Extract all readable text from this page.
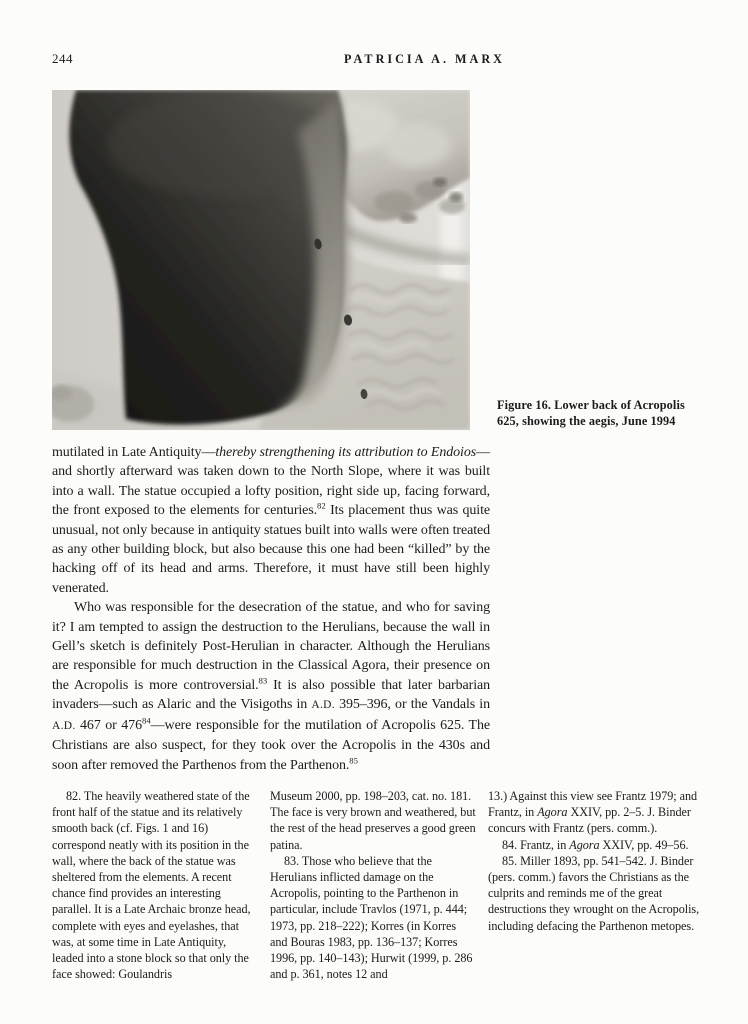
244	PATRICIA A. MARX
Figure 16. Lower back of Acropolis
625, showing the aegis, June 1994

mutilated in Late Antiquity—thereby strengthening its attribution to Endoios—and shortly afterward was taken down to the North Slope, where it was built into a wall. The statue occupied a lofty position, right side up, facing forward, the front exposed to the elements for centuries.$^{82}$ Its placement thus was quite unusual, not only because in antiquity statues built into walls were often treated as any other building block, but also because this one had been “killed” by the hacking off of its head and arms. Therefore, it must have still been highly venerated.

Who was responsible for the desecration of the statue, and who for saving it? I am tempted to assign the destruction to the Herulians, because the wall in Gell’s sketch is definitely Post-Herulian in character. Although the Herulians are responsible for much destruction in the Classical Agora, their presence on the Acropolis is more controversial.$^{83}$ It is also possible that later barbarian invaders—such as Alaric and the Visigoths in A.D. 395–396, or the Vandals in A.D. 467 or $476^{84}—were$ responsible for the mutilation of Acropolis 625. The Christians are also suspect, for they took over the Acropolis in the 430s and soon after removed the Parthenos from the Parthenon.$^{85}$

82. The heavily weathered state of the front half of the statue and its relatively smooth back (cf. Figs. 1 and 16) correspond neatly with its position in the wall, where the back of the statue was sheltered from the elements. A recent chance find provides an interesting parallel. It is a Late Archaic bronze head, complete with eyes and eyelashes, that was, at some time in Late Antiquity, leaded into a stone block so that only the face showed: Goulandris

Museum 2000, pp. 198–203, cat. no. 181. The face is very brown and weathered, but the rest of the head preserves a good green patina.

83. Those who believe that the Herulians inflicted damage on the Acropolis, pointing to the Parthenon in particular, include Travlos (1971, p. 444; 1973, pp. 218–222); Korres (in Korres and Bouras 1983, pp. 136–137; Korres 1996, pp. 140–143); Hurwit (1999, p. 286 and p. 361, notes 12 and

13.) Against this view see Frantz 1979; and Frantz, in Agora XXIV, pp. 2–5. J. Binder concurs with Frantz (pers. comm.).

84. Frantz, in Agora XXIV, pp. 49–56.

85. Miller 1893, pp. 541–542. J. Binder (pers. comm.) favors the Christians as the culprits and reminds me of the great destructions they wrought on the Acropolis, including defacing the Parthenon metopes.
